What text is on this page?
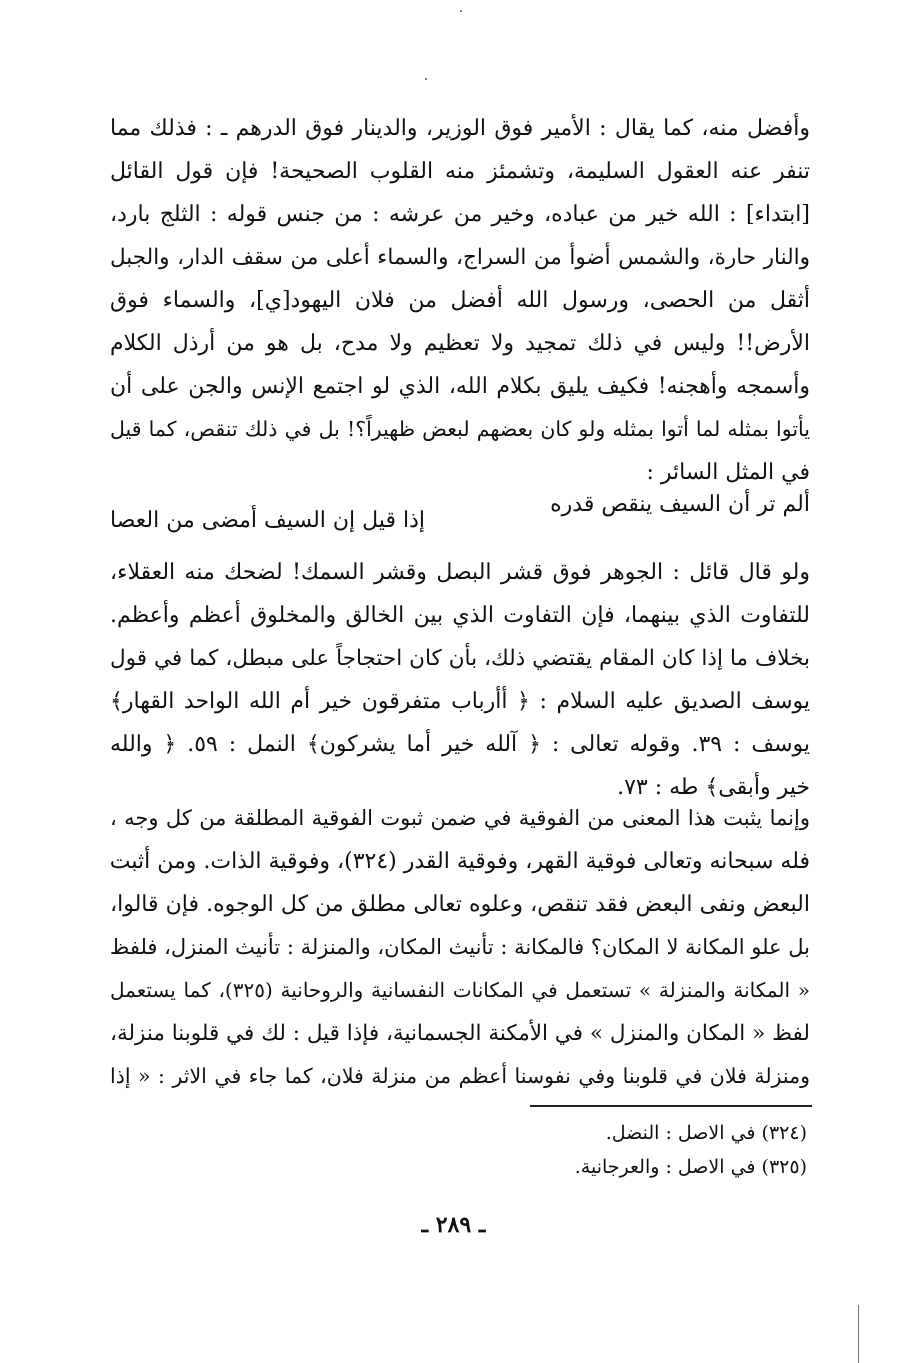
وأفضل منه، كما يقال : الأمير فوق الوزير، والدينار فوق الدرهم ـ : فذلك مما
تنفر عنه العقول السليمة، وتشمئز منه القلوب الصحيحة! فإن قول القائل
[ابتداء] : الله خير من عباده، وخير من عرشه : من جنس قوله : الثلج بارد،
والنار حارة، والشمس أضوأ من السراج، والسماء أعلى من سقف الدار، والجبل
أثقل من الحصى، ورسول الله أفضل من فلان اليهود[ي]، والسماء فوق
الأرض!! وليس في ذلك تمجيد ولا تعظيم ولا مدح، بل هو من أرذل الكلام
وأسمجه وأهجنه! فكيف يليق بكلام الله، الذي لو اجتمع الإنس والجن على أن
يأتوا بمثله لما أتوا بمثله ولو كان بعضهم لبعض ظهيراً؟! بل في ذلك تنقص، كما قيل
في المثل السائر :
ألم تر أن السيف ينقص قدره
إذا قيل إن السيف أمضى من العصا
ولو قال قائل : الجوهر فوق قشر البصل وقشر السمك! لضحك منه العقلاء،
للتفاوت الذي بينهما، فإن التفاوت الذي بين الخالق والمخلوق أعظم وأعظم.
بخلاف ما إذا كان المقام يقتضي ذلك، بأن كان احتجاجاً على مبطل، كما في قول
يوسف الصديق عليه السلام : ﴿ أأرباب متفرقون خير أم الله الواحد القهار﴾
يوسف : ٣٩. وقوله تعالى : ﴿ آلله خير أما يشركون﴾ النمل : ٥٩. ﴿ والله
خير وأبقى﴾ طه : ٧٣.
وإنما يثبت هذا المعنى من الفوقية في ضمن ثبوت الفوقية المطلقة من كل وجه ،
فله سبحانه وتعالى فوقية القهر، وفوقية القدر (٣٢٤)، وفوقية الذات. ومن أثبت
البعض ونفى البعض فقد تنقص، وعلوه تعالى مطلق من كل الوجوه. فإن قالوا،
بل علو المكانة لا المكان؟ فالمكانة : تأنيث المكان، والمنزلة : تأنيث المنزل، فلفظ
« المكانة والمنزلة » تستعمل في المكانات النفسانية والروحانية (٣٢٥)، كما يستعمل
لفظ « المكان والمنزل » في الأمكنة الجسمانية، فإذا قيل : لك في قلوبنا منزلة،
ومنزلة فلان في قلوبنا وفي نفوسنا أعظم من منزلة فلان، كما جاء في الاثر : « إذا
(٣٢٤) في الاصل : النضل.
(٣٢٥) في الاصل : والعرجانية.
ـ ٢٨٩ ـ
